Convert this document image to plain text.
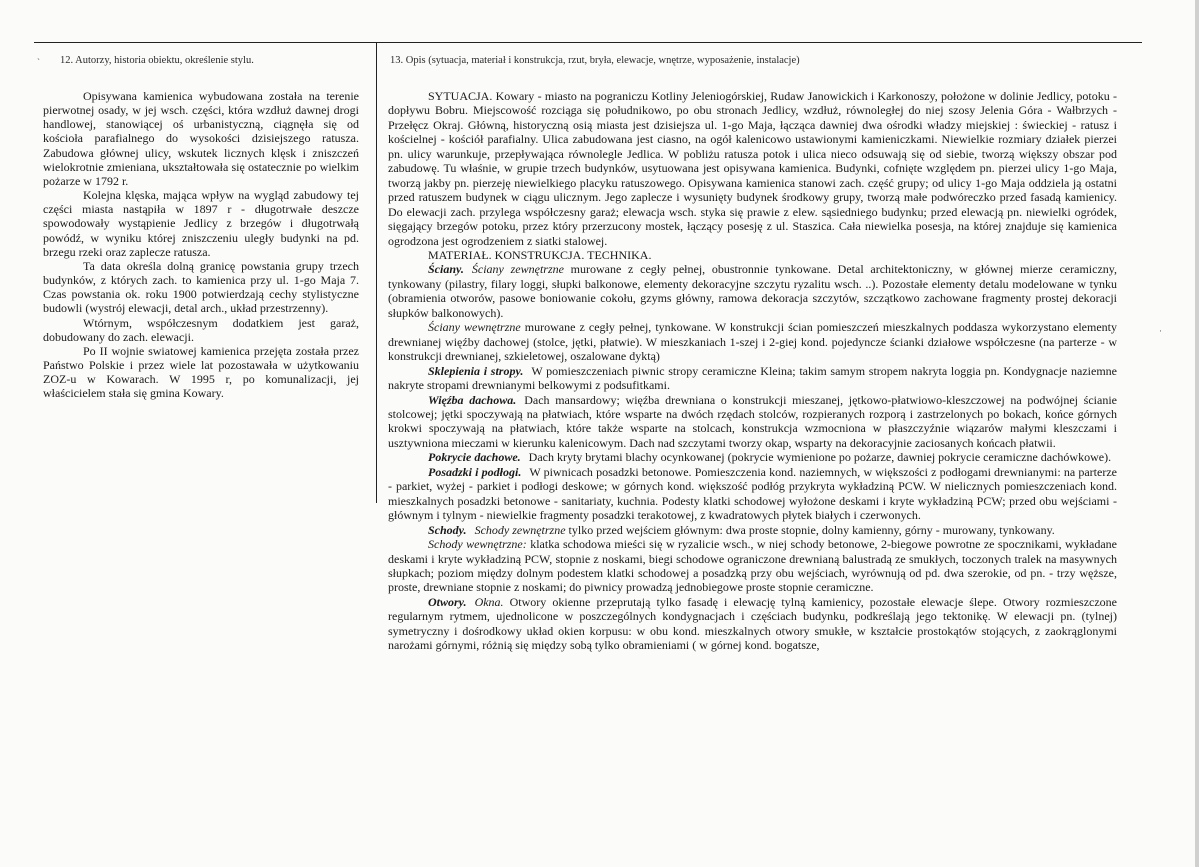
`
·
12. Autorzy, historia obiektu, określenie stylu.	13. Opis (sytuacja, materiał i konstrukcja, rzut, bryła, elewacje, wnętrze, wyposażenie, instalacje)

Opisywana kamienica wybudowana została na terenie pierwotnej osady, w jej wsch. części, która wzdłuż dawnej drogi handlowej, stanowiącej oś urbanistyczną, ciągnęła się od kościoła parafialnego do wysokości dzisiejszego ratusza. Zabudowa głównej ulicy, wskutek licznych klęsk i zniszczeń wielokrotnie zmieniana, ukształtowała się ostatecznie po wielkim pożarze w 1792 r.

Kolejna klęska, mająca wpływ na wygląd zabudowy tej części miasta nastąpiła w 1897 r - długotrwałe deszcze spowodowały wystąpienie Jedlicy z brzegów i długotrwałą powódź, w wyniku której zniszczeniu uległy budynki na pd. brzegu rzeki oraz zaplecze ratusza.

Ta data określa dolną granicę powstania grupy trzech budynków, z których zach. to kamienica przy ul. 1-go Maja 7. Czas powstania ok. roku 1900 potwierdzają cechy stylistyczne budowli (wystrój elewacji, detal arch., układ przestrzenny).

Wtórnym, współczesnym dodatkiem jest garaż, dobudowany do zach. elewacji.

Po II wojnie swiatowej kamienica przejęta została przez Państwo Polskie i przez wiele lat pozostawała w użytkowaniu ZOZ-u w Kowarach. W 1995 r, po komunalizacji, jej właścicielem stała się gmina Kowary.

SYTUACJA. Kowary - miasto na pograniczu Kotliny Jeleniogórskiej, Rudaw Janowickich i Karkonoszy, położone w dolinie Jedlicy, potoku - dopływu Bobru. Miejscowość rozciąga się południkowo, po obu stronach Jedlicy, wzdłuż, równoległej do niej szosy Jelenia Góra - Wałbrzych - Przełęcz Okraj. Główną, historyczną osią miasta jest dzisiejsza ul. 1-go Maja, łącząca dawniej dwa ośrodki władzy miejskiej : świeckiej - ratusz i kościelnej - kościół parafialny. Ulica zabudowana jest ciasno, na ogół kalenicowo ustawionymi kamieniczkami. Niewielkie rozmiary działek pierzei pn. ulicy warunkuje, przepływająca równolegle Jedlica. W pobliżu ratusza potok i ulica nieco odsuwają się od siebie, tworzą większy obszar pod zabudowę. Tu właśnie, w grupie trzech budynków, usytuowana jest opisywana kamienica. Budynki, cofnięte względem pn. pierzei ulicy 1-go Maja, tworzą jakby pn. pierzeję niewielkiego placyku ratuszowego. Opisywana kamienica stanowi zach. część grupy; od ulicy 1-go Maja oddziela ją ostatni przed ratuszem budynek w ciągu ulicznym. Jego zaplecze i wysunięty budynek środkowy grupy, tworzą małe podwóreczko przed fasadą kamienicy. Do elewacji zach. przylega współczesny garaż; elewacja wsch. styka się prawie z elew. sąsiedniego budynku; przed elewacją pn. niewielki ogródek, sięgający brzegów potoku, przez który przerzucony mostek, łączący posesję z ul. Staszica. Cała niewielka posesja, na której znajduje się kamienica ogrodzona jest ogrodzeniem z siatki stalowej.

MATERIAŁ. KONSTRUKCJA. TECHNIKA.

Ściany. Ściany zewnętrzne murowane z cegły pełnej, obustronnie tynkowane. Detal architektoniczny, w głównej mierze ceramiczny, tynkowany (pilastry, filary loggi, słupki balkonowe, elementy dekoracyjne szczytu ryzalitu wsch. ..). Pozostałe elementy detalu modelowane w tynku (obramienia otworów, pasowe boniowanie cokołu, gzyms główny, ramowa dekoracja szczytów, szczątkowo zachowane fragmenty prostej dekoracji słupków balkonowych).

Ściany wewnętrzne murowane z cegły pełnej, tynkowane. W konstrukcji ścian pomieszczeń mieszkalnych poddasza wykorzystano elementy drewnianej więźby dachowej (stolce, jętki, płatwie). W mieszkaniach 1-szej i 2-giej kond. pojedyncze ścianki działowe współczesne (na parterze - w konstrukcji drewnianej, szkieletowej, oszalowane dyktą)

Sklepienia i stropy. W pomieszczeniach piwnic stropy ceramiczne Kleina; takim samym stropem nakryta loggia pn. Kondygnacje naziemne nakryte stropami drewnianymi belkowymi z podsufitkami.

Więźba dachowa. Dach mansardowy; więźba drewniana o konstrukcji mieszanej, jętkowo-płatwiowo-kleszczowej na podwójnej ścianie stolcowej; jętki spoczywają na płatwiach, które wsparte na dwóch rzędach stolców, rozpieranych rozporą i zastrzelonych po bokach, końce górnych krokwi spoczywają na płatwiach, które także wsparte na stolcach, konstrukcja wzmocniona w płaszczyźnie wiązarów małymi kleszczami i usztywniona mieczami w kierunku kalenicowym. Dach nad szczytami tworzy okap, wsparty na dekoracyjnie zaciosanych końcach płatwii.

Pokrycie dachowe. Dach kryty brytami blachy ocynkowanej (pokrycie wymienione po pożarze, dawniej pokrycie ceramiczne dachówkowe).

Posadzki i podłogi. W piwnicach posadzki betonowe. Pomieszczenia kond. naziemnych, w większości z podłogami drewnianymi: na parterze - parkiet, wyżej - parkiet i podłogi deskowe; w górnych kond. większość podłóg przykryta wykładziną PCW. W nielicznych pomieszczeniach kond. mieszkalnych posadzki betonowe - sanitariaty, kuchnia. Podesty klatki schodowej wyłożone deskami i kryte wykładziną PCW; przed obu wejściami - głównym i tylnym - niewielkie fragmenty posadzki terakotowej, z kwadratowych płytek białych i czerwonych.

Schody. Schody zewnętrzne tylko przed wejściem głównym: dwa proste stopnie, dolny kamienny, górny - murowany, tynkowany.

Schody wewnętrzne: klatka schodowa mieści się w ryzalicie wsch., w niej schody betonowe, 2-biegowe powrotne ze spocznikami, wykładane deskami i kryte wykładziną PCW, stopnie z noskami, biegi schodowe ograniczone drewnianą balustradą ze smukłych, toczonych tralek na masywnych słupkach; poziom między dolnym podestem klatki schodowej a posadzką przy obu wejściach, wyrównują od pd. dwa szerokie, od pn. - trzy węższe, proste, drewniane stopnie z noskami; do piwnicy prowadzą jednobiegowe proste stopnie ceramiczne.

Otwory. Okna. Otwory okienne przeprutają tylko fasadę i elewację tylną kamienicy, pozostałe elewacje ślepe. Otwory rozmieszczone regularnym rytmem, ujednolicone w poszczególnych kondygnacjach i częściach budynku, podkreślają jego tektonikę. W elewacji pn. (tylnej) symetryczny i dośrodkowy układ okien korpusu: w obu kond. mieszkalnych otwory smukłe, w kształcie prostokątów stojących, z zaokrąglonymi narożami górnymi, różnią się między sobą tylko obramieniami ( w górnej kond. bogatsze,
